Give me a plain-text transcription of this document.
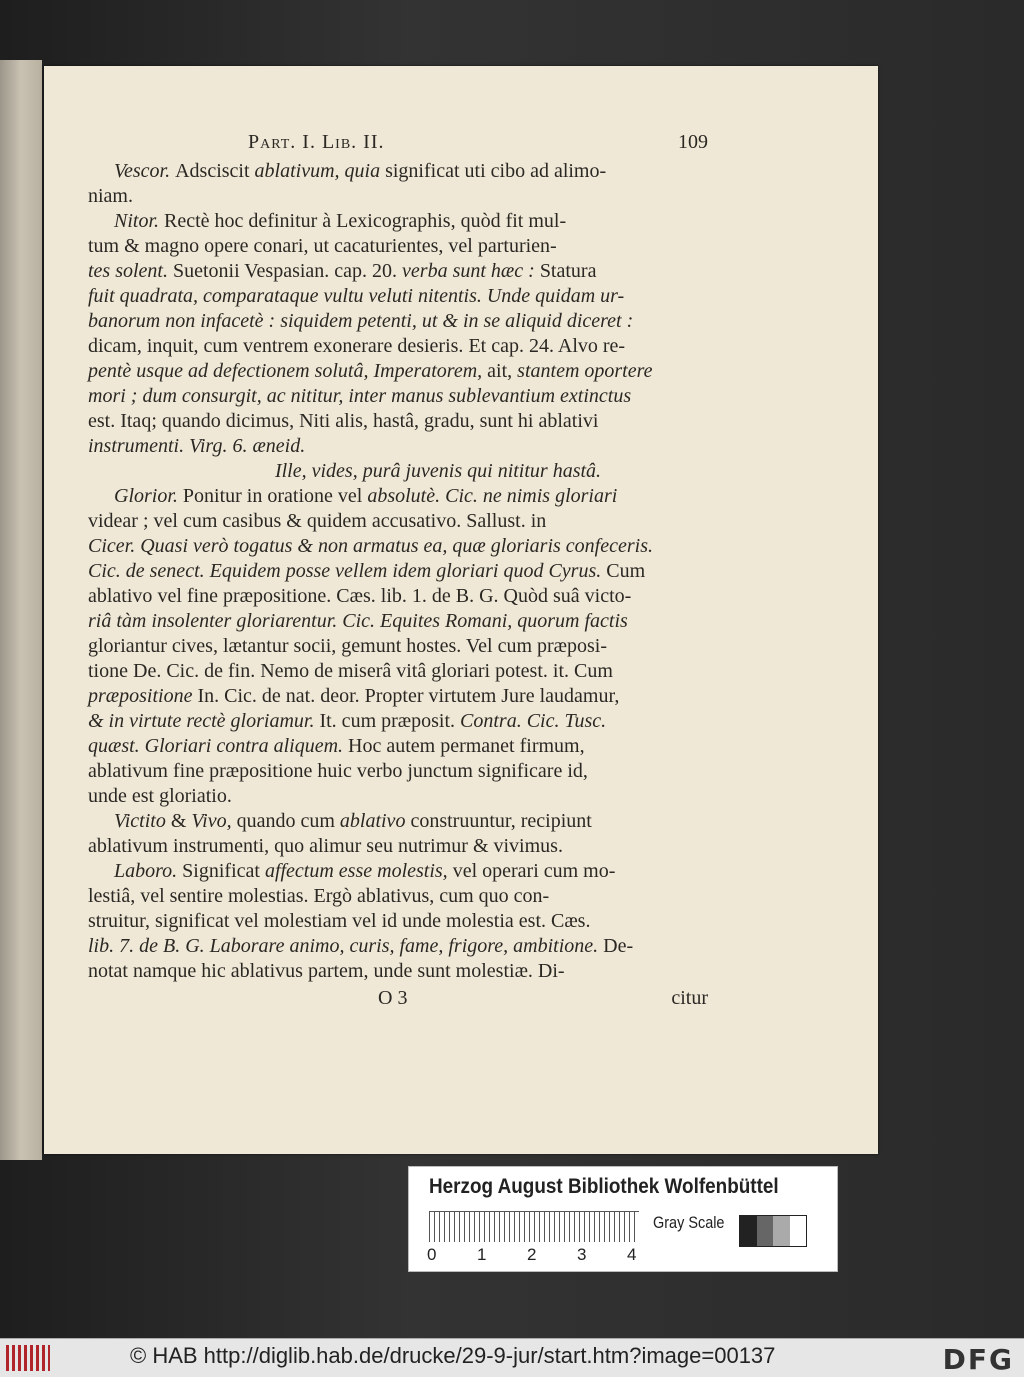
Part. I. Lib. II.	109
Vescor. Adsciscit ablativum, quia significat uti cibo ad alimo-
niam.
Nitor. Rectè hoc definitur à Lexicographis, quòd fit mul-
tum & magno opere conari, ut cacaturientes, vel parturien-
tes solent. Suetonii Vespasian. cap. 20. verba sunt hæc : Statura
fuit quadrata, comparataque vultu veluti nitentis. Unde quidam ur-
banorum non infacetè : siquidem petenti, ut & in se aliquid diceret :
dicam, inquit, cum ventrem exonerare desieris. Et cap. 24. Alvo re-
pentè usque ad defectionem solutâ, Imperatorem, ait, stantem oportere
mori ; dum consurgit, ac nititur, inter manus sublevantium extinctus
est. Itaq; quando dicimus, Niti alis, hastâ, gradu, sunt hi ablativi
instrumenti. Virg. 6. æneid.
Ille, vides, purâ juvenis qui nititur hastâ.
Glorior. Ponitur in oratione vel absolutè. Cic. ne nimis gloriari
videar ; vel cum casibus & quidem accusativo. Sallust. in
Cicer. Quasi verò togatus & non armatus ea, quæ gloriaris confeceris.
Cic. de senect. Equidem posse vellem idem gloriari quod Cyrus. Cum
ablativo vel fine præpositione. Cæs. lib. 1. de B. G. Quòd suâ victo-
riâ tàm insolenter gloriarentur. Cic. Equites Romani, quorum factis
gloriantur cives, lætantur socii, gemunt hostes. Vel cum præposi-
tione De. Cic. de fin. Nemo de miserâ vitâ gloriari potest. it. Cum
præpositione In. Cic. de nat. deor. Propter virtutem Jure laudamur,
& in virtute rectè gloriamur. It. cum præposit. Contra. Cic. Tusc.
quæst. Gloriari contra aliquem. Hoc autem permanet firmum,
ablativum fine præpositione huic verbo junctum significare id,
unde est gloriatio.
Victito & Vivo, quando cum ablativo construuntur, recipiunt
ablativum instrumenti, quo alimur seu nutrimur & vivimus.
Laboro. Significat affectum esse molestis, vel operari cum mo-
lestiâ, vel sentire molestias. Ergò ablativus, cum quo con-
struitur, significat vel molestiam vel id unde molestia est. Cæs.
lib. 7. de B. G. Laborare animo, curis, fame, frigore, ambitione. De-
notat namque hic ablativus partem, unde sunt molestiæ. Di-
O 3	citur
Herzog August Bibliothek Wolfenbüttel
0 1 2 3 4
Gray Scale
© HAB http://diglib.hab.de/drucke/29-9-jur/start.htm?image=00137	DFG
